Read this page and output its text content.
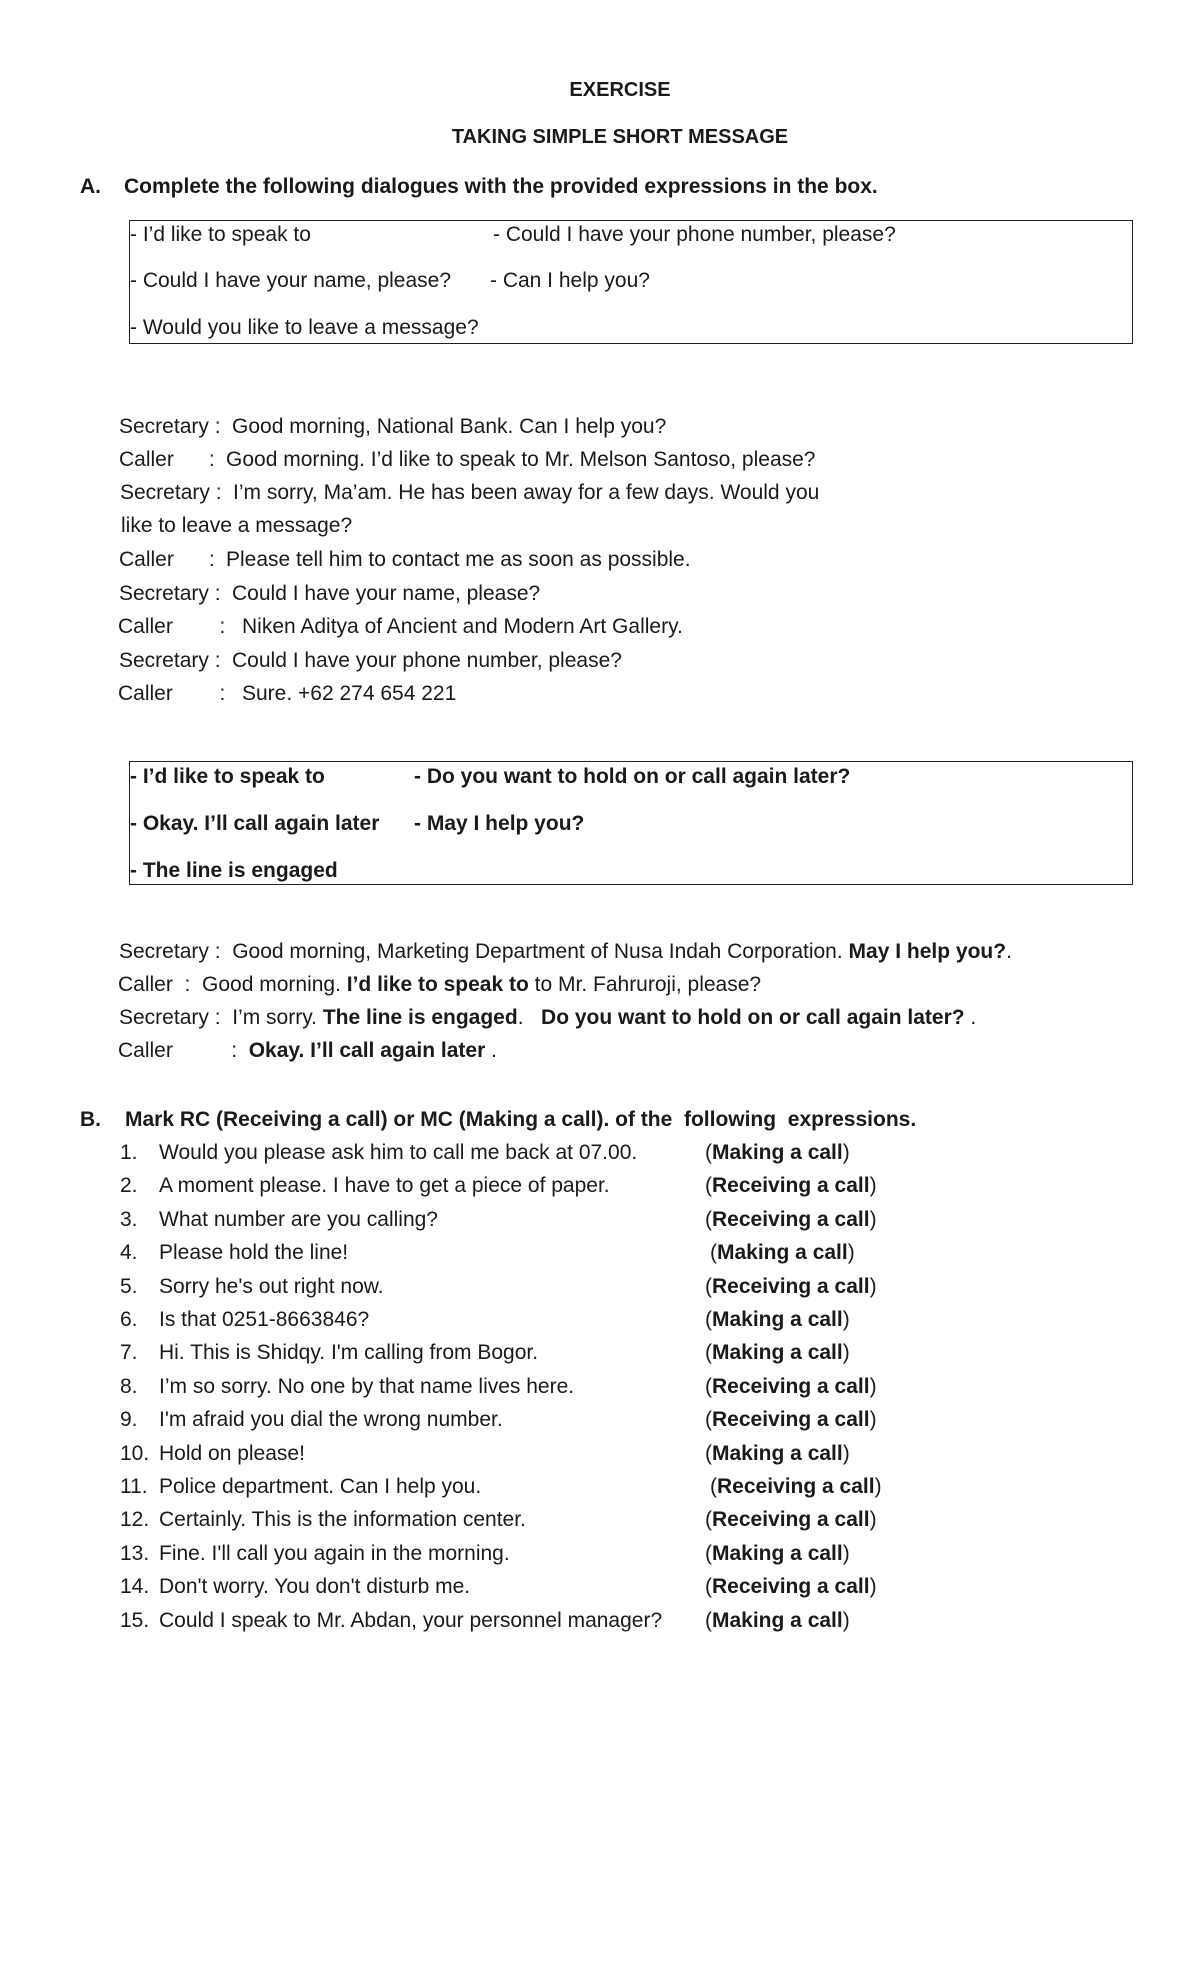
EXERCISE
TAKING SIMPLE SHORT MESSAGE
A. Complete the following dialogues with the provided expressions in the box.
- I’d like to speak to	- Could I have your phone number, please?
- Could I have your name, please? - Can I help you?
- Would you like to leave a message?
Secretary : Good morning, National Bank. Can I help you?
Caller      : Good morning. I’d like to speak to Mr. Melson Santoso, please?
Secretary : I’m sorry, Ma’am. He has been away for a few days. Would you
like to leave a message?
Caller      : Please tell him to contact me as soon as possible.
Secretary : Could I have your name, please?
Caller        : Niken Aditya of Ancient and Modern Art Gallery.
Secretary : Could I have your phone number, please?
Caller        : Sure. +62 274 654 221
- I’d like to speak to	- Do you want to hold on or call again later?
- Okay. I’ll call again later - May I help you?
- The line is engaged
Secretary :  Good morning, Marketing Department of Nusa Indah Corporation. May I help you?.
Caller  :  Good morning. I’d like to speak to to Mr. Fahruroji, please?
Secretary :  I’m sorry. The line is engaged.   Do you want to hold on or call again later? .
Caller          :  Okay. I’ll call again later .
B. Mark RC (Receiving a call) or MC (Making a call). of the  following  expressions.
1. Would you please ask him to call me back at 07.00.	(Making a call)
2. A moment please. I have to get a piece of paper.	(Receiving a call)
3. What number are you calling?	(Receiving a call)
4. Please hold the line!	(Making a call)
5. Sorry he's out right now.	(Receiving a call)
6. Is that 0251-8663846?	(Making a call)
7. Hi. This is Shidqy. I'm calling from Bogor.	(Making a call)
8. I’m so sorry. No one by that name lives here.	(Receiving a call)
9. I'm afraid you dial the wrong number.	(Receiving a call)
10. Hold on please!	(Making a call)
11. Police department. Can I help you.	(Receiving a call)
12. Certainly. This is the information center.	(Receiving a call)
13. Fine. I'll call you again in the morning.	(Making a call)
14. Don't worry. You don't disturb me.	(Receiving a call)
15. Could I speak to Mr. Abdan, your personnel manager? (Making a call)
